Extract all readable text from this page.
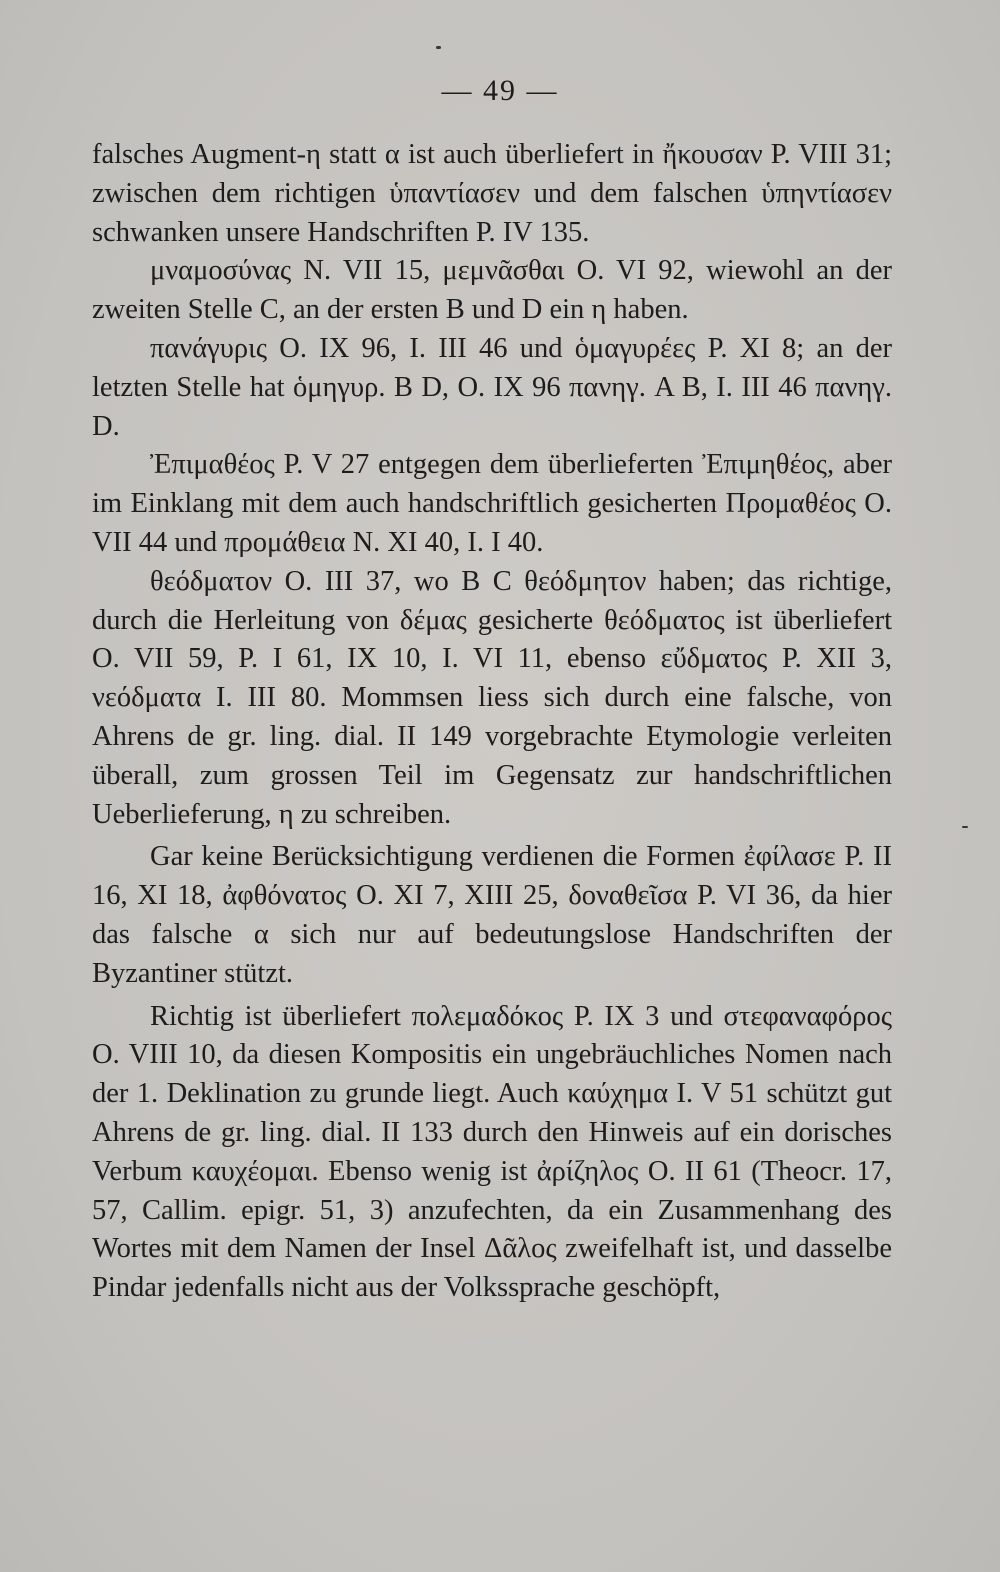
— 49 —

falsches Augment-η statt α ist auch überliefert in ἤκουσαν P. VIII 31; zwischen dem richtigen ὑπαντίασεν und dem falschen ὑπηντίασεν schwanken unsere Handschriften P. IV 135.

μναμοσύνας N. VII 15, μεμνᾶσθαι O. VI 92, wiewohl an der zweiten Stelle C, an der ersten B und D ein η haben.

πανάγυρις O. IX 96, I. III 46 und ὁμαγυρέες P. XI 8; an der letzten Stelle hat ὁμηγυρ. B D, O. IX 96 πανηγ. A B, I. III 46 πανηγ. D.

Ἐπιμαθέος P. V 27 entgegen dem überlieferten Ἐπιμηθέος, aber im Einklang mit dem auch handschriftlich gesicherten Προμαθέος O. VII 44 und προμάθεια N. XI 40, I. I 40.

θεόδματον O. III 37, wo B C θεόδμητον haben; das richtige, durch die Herleitung von δέμας gesicherte θεόδματος ist überliefert O. VII 59, P. I 61, IX 10, I. VI 11, ebenso εὔδματος P. XII 3, νεόδματα I. III 80. Mommsen liess sich durch eine falsche, von Ahrens de gr. ling. dial. II 149 vorgebrachte Etymologie verleiten überall, zum grossen Teil im Gegensatz zur handschriftlichen Ueberlieferung, η zu schreiben.

Gar keine Berücksichtigung verdienen die Formen ἐφίλασε P. II 16, XI 18, ἀφθόνατος O. XI 7, XIII 25, δοναθεῖσα P. VI 36, da hier das falsche α sich nur auf bedeutungslose Handschriften der Byzantiner stützt.

Richtig ist überliefert πολεμαδόκος P. IX 3 und στεφαναφόρος O. VIII 10, da diesen Kompositis ein ungebräuchliches Nomen nach der 1. Deklination zu grunde liegt. Auch καύχημα I. V 51 schützt gut Ahrens de gr. ling. dial. II 133 durch den Hinweis auf ein dorisches Verbum καυχέομαι. Ebenso wenig ist ἀρίζηλος O. II 61 (Theocr. 17, 57, Callim. epigr. 51, 3) anzufechten, da ein Zusammenhang des Wortes mit dem Namen der Insel Δᾶλος zweifelhaft ist, und dasselbe Pindar jedenfalls nicht aus der Volkssprache geschöpft,
